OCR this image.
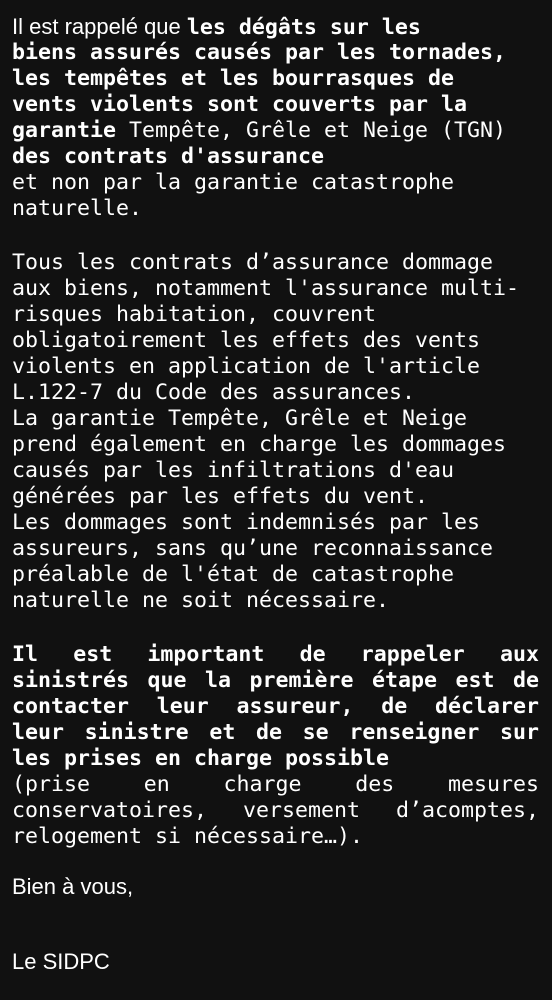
Il est rappelé que les dégâts sur les
biens assurés causés par les tornades,
les tempêtes et les bourrasques de
vents violents sont couverts par la
garantie Tempête, Grêle et Neige (TGN)
des contrats d'assurance
et non par la garantie catastrophe
naturelle.
Tous les contrats d’assurance dommage
aux biens, notamment l'assurance multi-
risques habitation, couvrent
obligatoirement les effets des vents
violents en application de l'article
L.122-7 du Code des assurances.
La garantie Tempête, Grêle et Neige
prend également en charge les dommages
causés par les infiltrations d'eau
générées par les effets du vent.
Les dommages sont indemnisés par les
assureurs, sans qu’une reconnaissance
préalable de l'état de catastrophe
naturelle ne soit nécessaire.
Il est important de rappeler aux
sinistrés que la première étape est de
contacter leur assureur, de déclarer
leur sinistre et de se renseigner sur
les prises en charge possible
(prise en charge des mesures
conservatoires, versement d’acomptes,
relogement si nécessaire…).
Bien à vous,
Le SIDPC
